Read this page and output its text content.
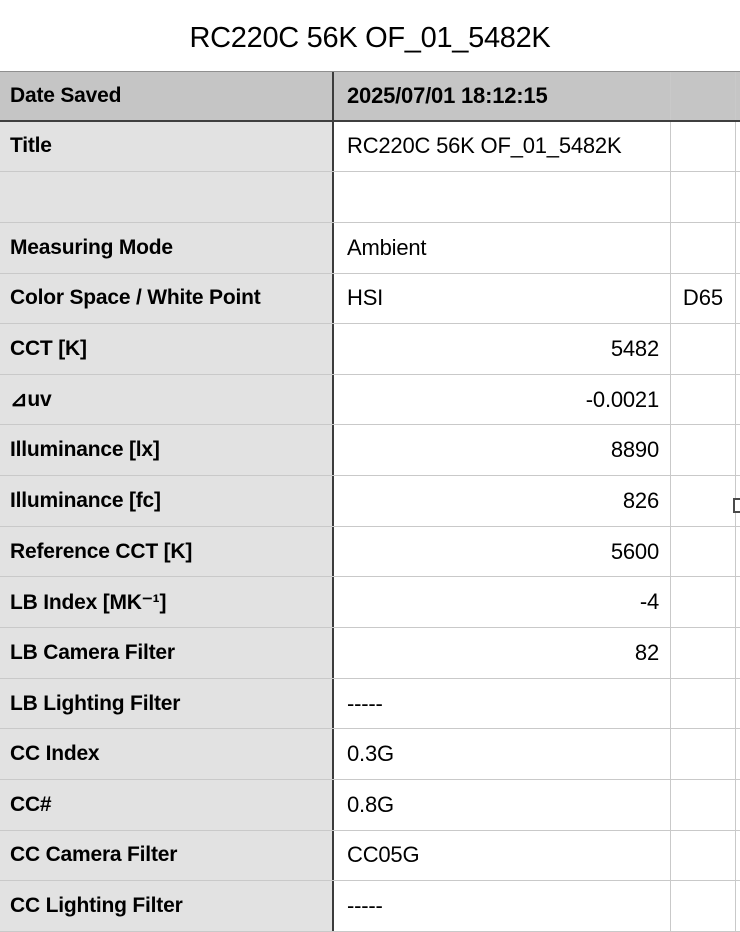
RC220C 56K OF_01_5482K
Date Saved	2025/07/01 18:12:15
Title	RC220C 56K OF_01_5482K
Measuring Mode	Ambient
Color Space / White Point	HSI	D65
CCT [K]	5482
⊿uv	-0.0021
Illuminance [lx]	8890
Illuminance [fc]	826
Reference CCT [K]	5600
LB Index [MK⁻¹]	-4
LB Camera Filter	82
LB Lighting Filter	-----
CC Index	0.3G
CC#	0.8G
CC Camera Filter	CC05G
CC Lighting Filter	-----
